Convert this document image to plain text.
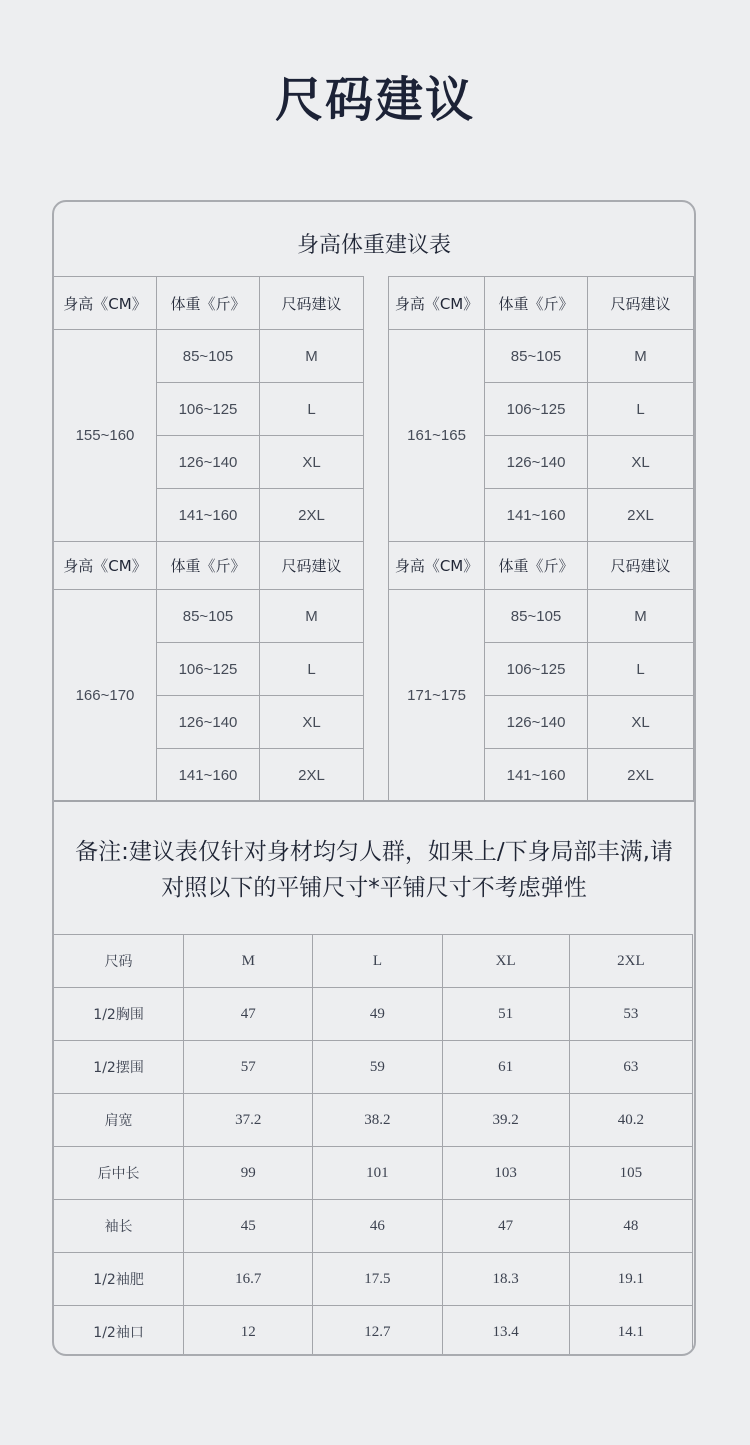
尺码建议
身高体重建议表
身高《CM》	体重《斤》	尺码建议
155~160	85~105	M
	106~125	L
	126~140	XL
	141~160	2XL
身高《CM》	体重《斤》	尺码建议
161~165	85~105	M
	106~125	L
	126~140	XL
	141~160	2XL
身高《CM》	体重《斤》	尺码建议
166~170	85~105	M
	106~125	L
	126~140	XL
	141~160	2XL
身高《CM》	体重《斤》	尺码建议
171~175	85~105	M
	106~125	L
	126~140	XL
	141~160	2XL
备注:建议表仅针对身材均匀人群，如果上/下身局部丰满,请对照以下的平铺尺寸*平铺尺寸不考虑弹性
尺码	M	L	XL	2XL
1/2胸围	47	49	51	53
1/2摆围	57	59	61	63
肩宽	37.2	38.2	39.2	40.2
后中长	99	101	103	105
袖长	45	46	47	48
1/2袖肥	16.7	17.5	18.3	19.1
1/2袖口	12	12.7	13.4	14.1
